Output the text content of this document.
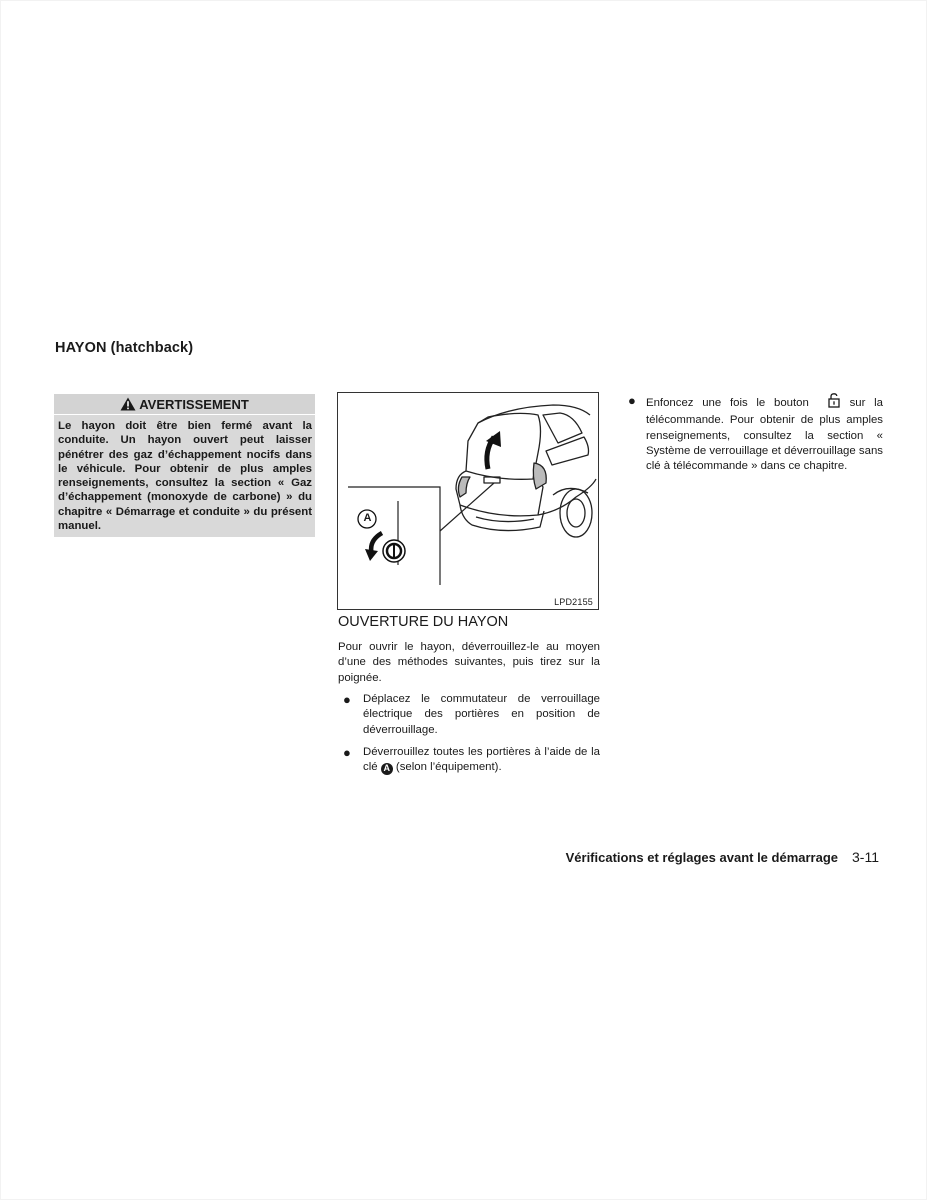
HAYON (hatchback)
AVERTISSEMENT
Le hayon doit être bien fermé avant la conduite. Un hayon ouvert peut laisser pénétrer des gaz d’échappement nocifs dans le véhicule. Pour obtenir de plus amples renseignements, consultez la section « Gaz d’échappement (monoxyde de carbone) » du chapitre « Démarrage et conduite » du présent manuel.
A
LPD2155
OUVERTURE DU HAYON
Pour ouvrir le hayon, déverrouillez-le au moyen d’une des méthodes suivantes, puis tirez sur la poignée.
● Déplacez le commutateur de verrouillage électrique des portières en position de déverrouillage.
● Déverrouillez toutes les portières à l’aide de la clé A (selon l’équipement).
● Enfoncez une fois le bouton	sur la télécommande. Pour obtenir de plus amples renseignements, consultez la section « Système de verrouillage et déverrouillage sans clé à télécommande » dans ce chapitre.
Vérifications et réglages avant le démarrage 3-11
